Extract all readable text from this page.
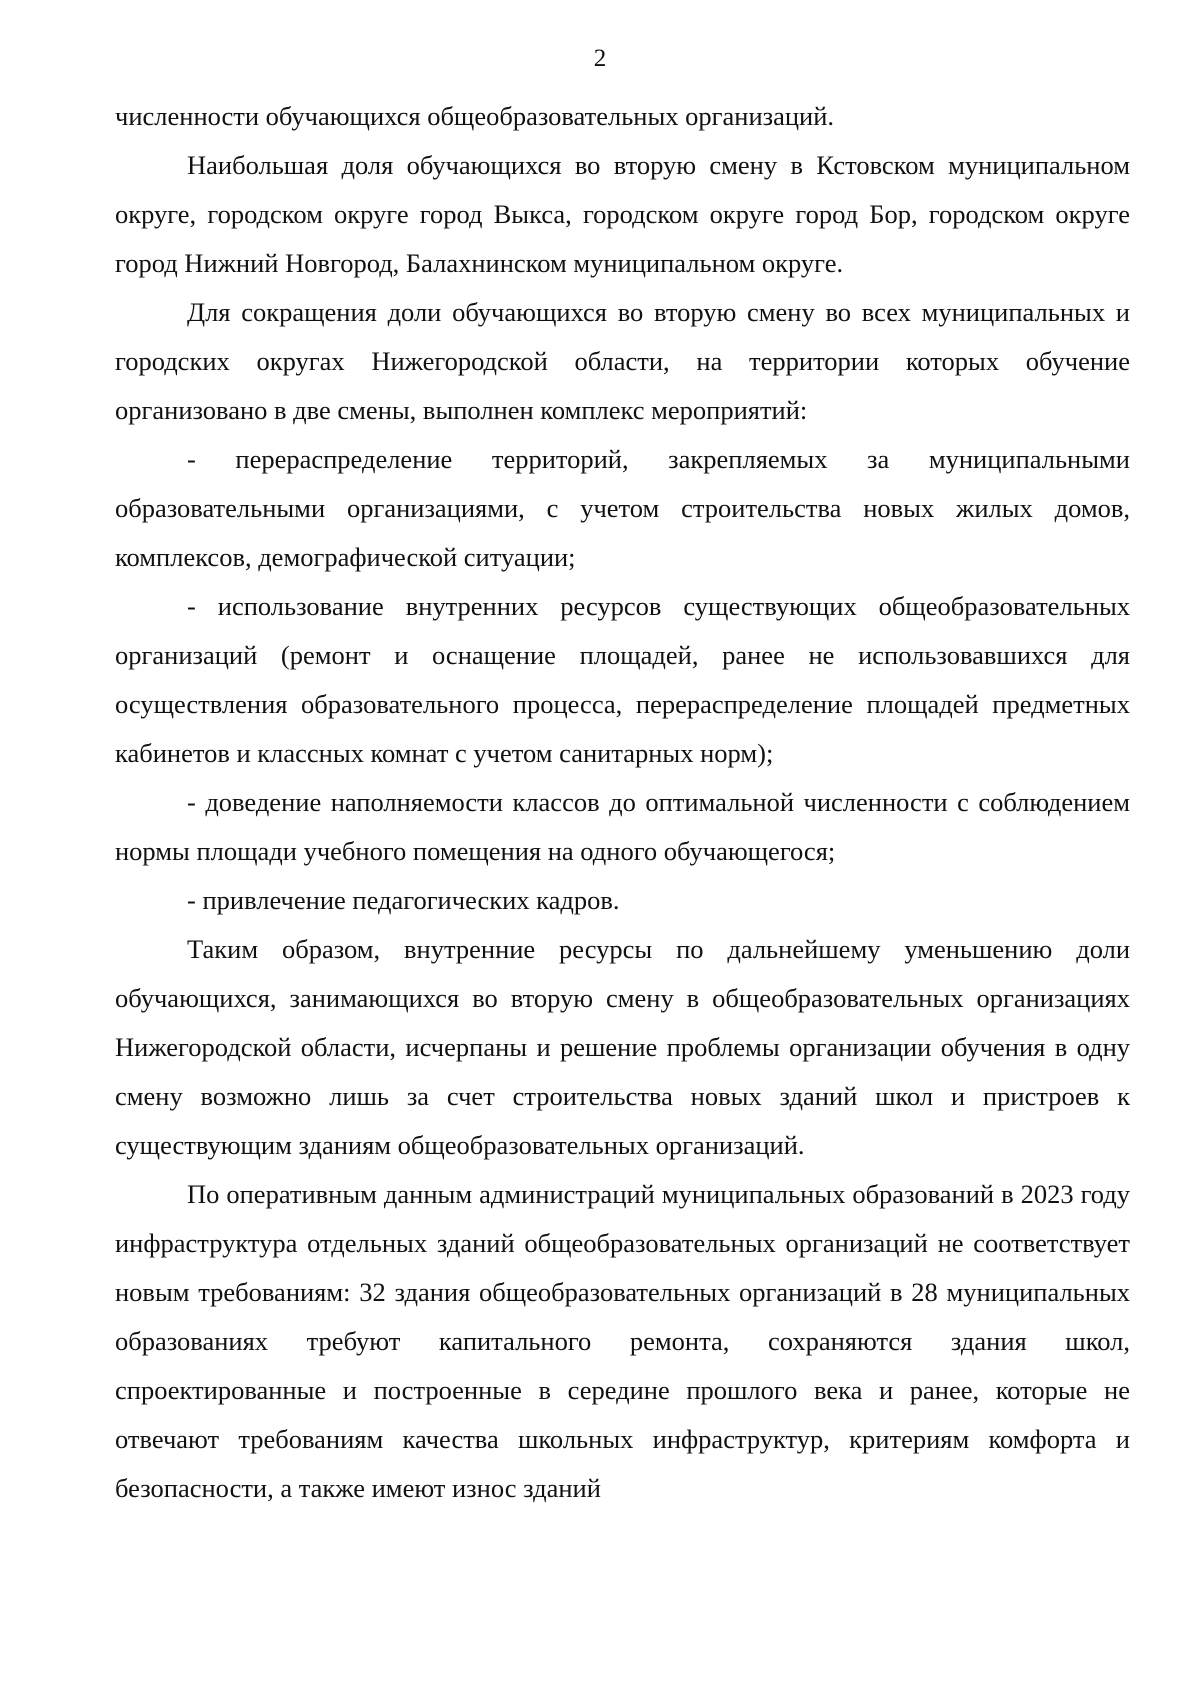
2

численности обучающихся общеобразовательных организаций.

Наибольшая доля обучающихся во вторую смену в Кстовском муниципальном округе, городском округе город Выкса, городском округе город Бор, городском округе город Нижний Новгород, Балахнинском муниципальном округе.

Для сокращения доли обучающихся во вторую смену во всех муниципальных и городских округах Нижегородской области, на территории которых обучение организовано в две смены, выполнен комплекс мероприятий:

- перераспределение территорий, закрепляемых за муниципальными образовательными организациями, с учетом строительства новых жилых домов, комплексов, демографической ситуации;

- использование внутренних ресурсов существующих общеобразовательных организаций (ремонт и оснащение площадей, ранее не использовавшихся для осуществления образовательного процесса, перераспределение площадей предметных кабинетов и классных комнат с учетом санитарных норм);

- доведение наполняемости классов до оптимальной численности с соблюдением нормы площади учебного помещения на одного обучающегося;

- привлечение педагогических кадров.

Таким образом, внутренние ресурсы по дальнейшему уменьшению доли обучающихся, занимающихся во вторую смену в общеобразовательных организациях Нижегородской области, исчерпаны и решение проблемы организации обучения в одну смену возможно лишь за счет строительства новых зданий школ и пристроев к существующим зданиям общеобразовательных организаций.

По оперативным данным администраций муниципальных образований в 2023 году инфраструктура отдельных зданий общеобразовательных организаций не соответствует новым требованиям: 32 здания общеобразовательных организаций в 28 муниципальных образованиях требуют капитального ремонта, сохраняются здания школ, спроектированные и построенные в середине прошлого века и ранее, которые не отвечают требованиям качества школьных инфраструктур, критериям комфорта и безопасности, а также имеют износ зданий
